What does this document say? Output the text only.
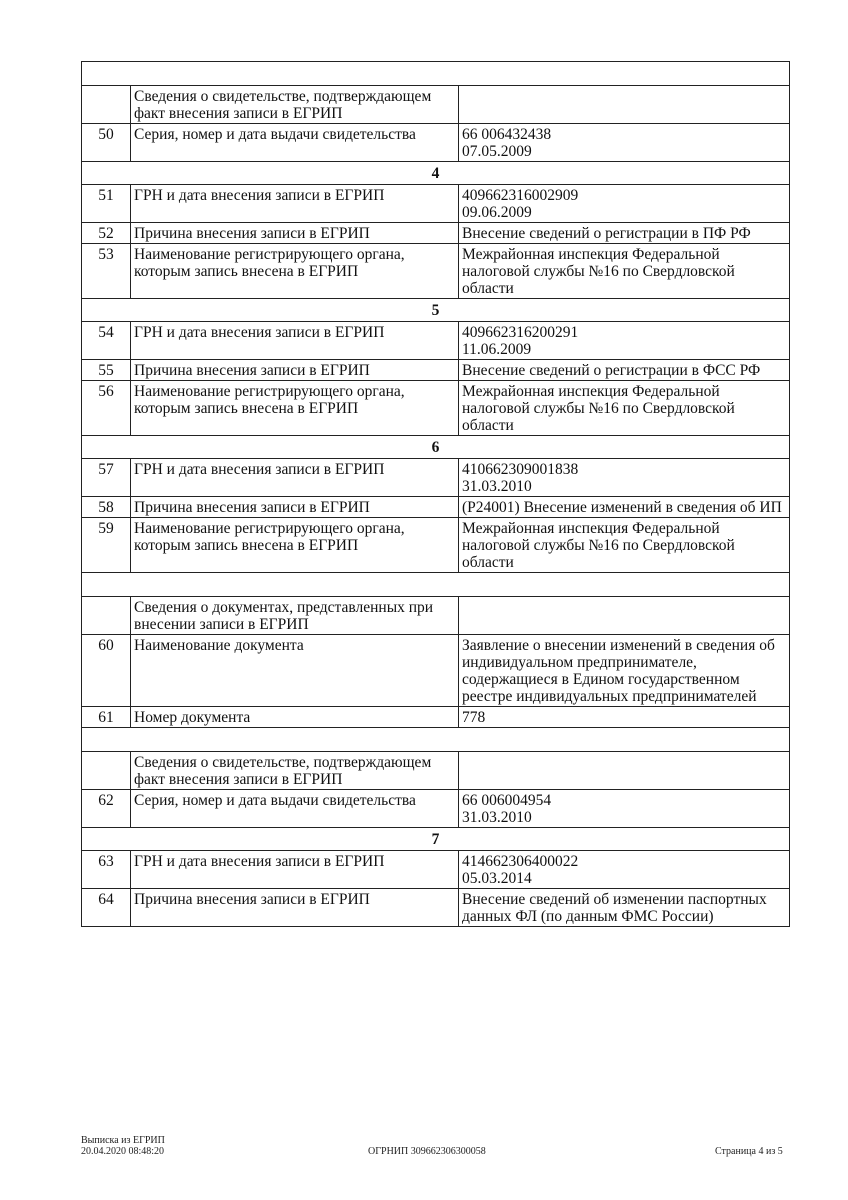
	Сведения о свидетельстве, подтверждающем факт внесения записи в ЕГРИП	
50	Серия, номер и дата выдачи свидетельства	66 006432438
07.05.2009

4		
51	ГРН и дата внесения записи в ЕГРИП	409662316002909
09.06.2009

52	Причина внесения записи в ЕГРИП	Внесение сведений о регистрации в ПФ РФ

53	Наименование регистрирующего органа, которым запись внесена в ЕГРИП	Межрайонная инспекция Федеральной налоговой службы №16 по Свердловской области

5		
54	ГРН и дата внесения записи в ЕГРИП	409662316200291
11.06.2009

55	Причина внесения записи в ЕГРИП	Внесение сведений о регистрации в ФСС РФ

56	Наименование регистрирующего органа, которым запись внесена в ЕГРИП	Межрайонная инспекция Федеральной налоговой службы №16 по Свердловской области

6		
57	ГРН и дата внесения записи в ЕГРИП	410662309001838
31.03.2010

58	Причина внесения записи в ЕГРИП	(Р24001) Внесение изменений в сведения об ИП

59	Наименование регистрирующего органа, которым запись внесена в ЕГРИП	Межрайонная инспекция Федеральной налоговой службы №16 по Свердловской области

	Сведения о документах, представленных при внесении записи в ЕГРИП	
60	Наименование документа	Заявление о внесении изменений в сведения об индивидуальном предпринимателе, содержащиеся в Едином государственном реестре индивидуальных предпринимателей

61	Номер документа	778

	Сведения о свидетельстве, подтверждающем факт внесения записи в ЕГРИП	
62	Серия, номер и дата выдачи свидетельства	66 006004954
31.03.2010

7		
63	ГРН и дата внесения записи в ЕГРИП	414662306400022
05.03.2014

64	Причина внесения записи в ЕГРИП	Внесение сведений об изменении паспортных данных ФЛ (по данным ФМС России)
Выписка из ЕГРИП
20.04.2020 08:48:20	ОГРНИП 309662306300058	Страница 4 из 5
